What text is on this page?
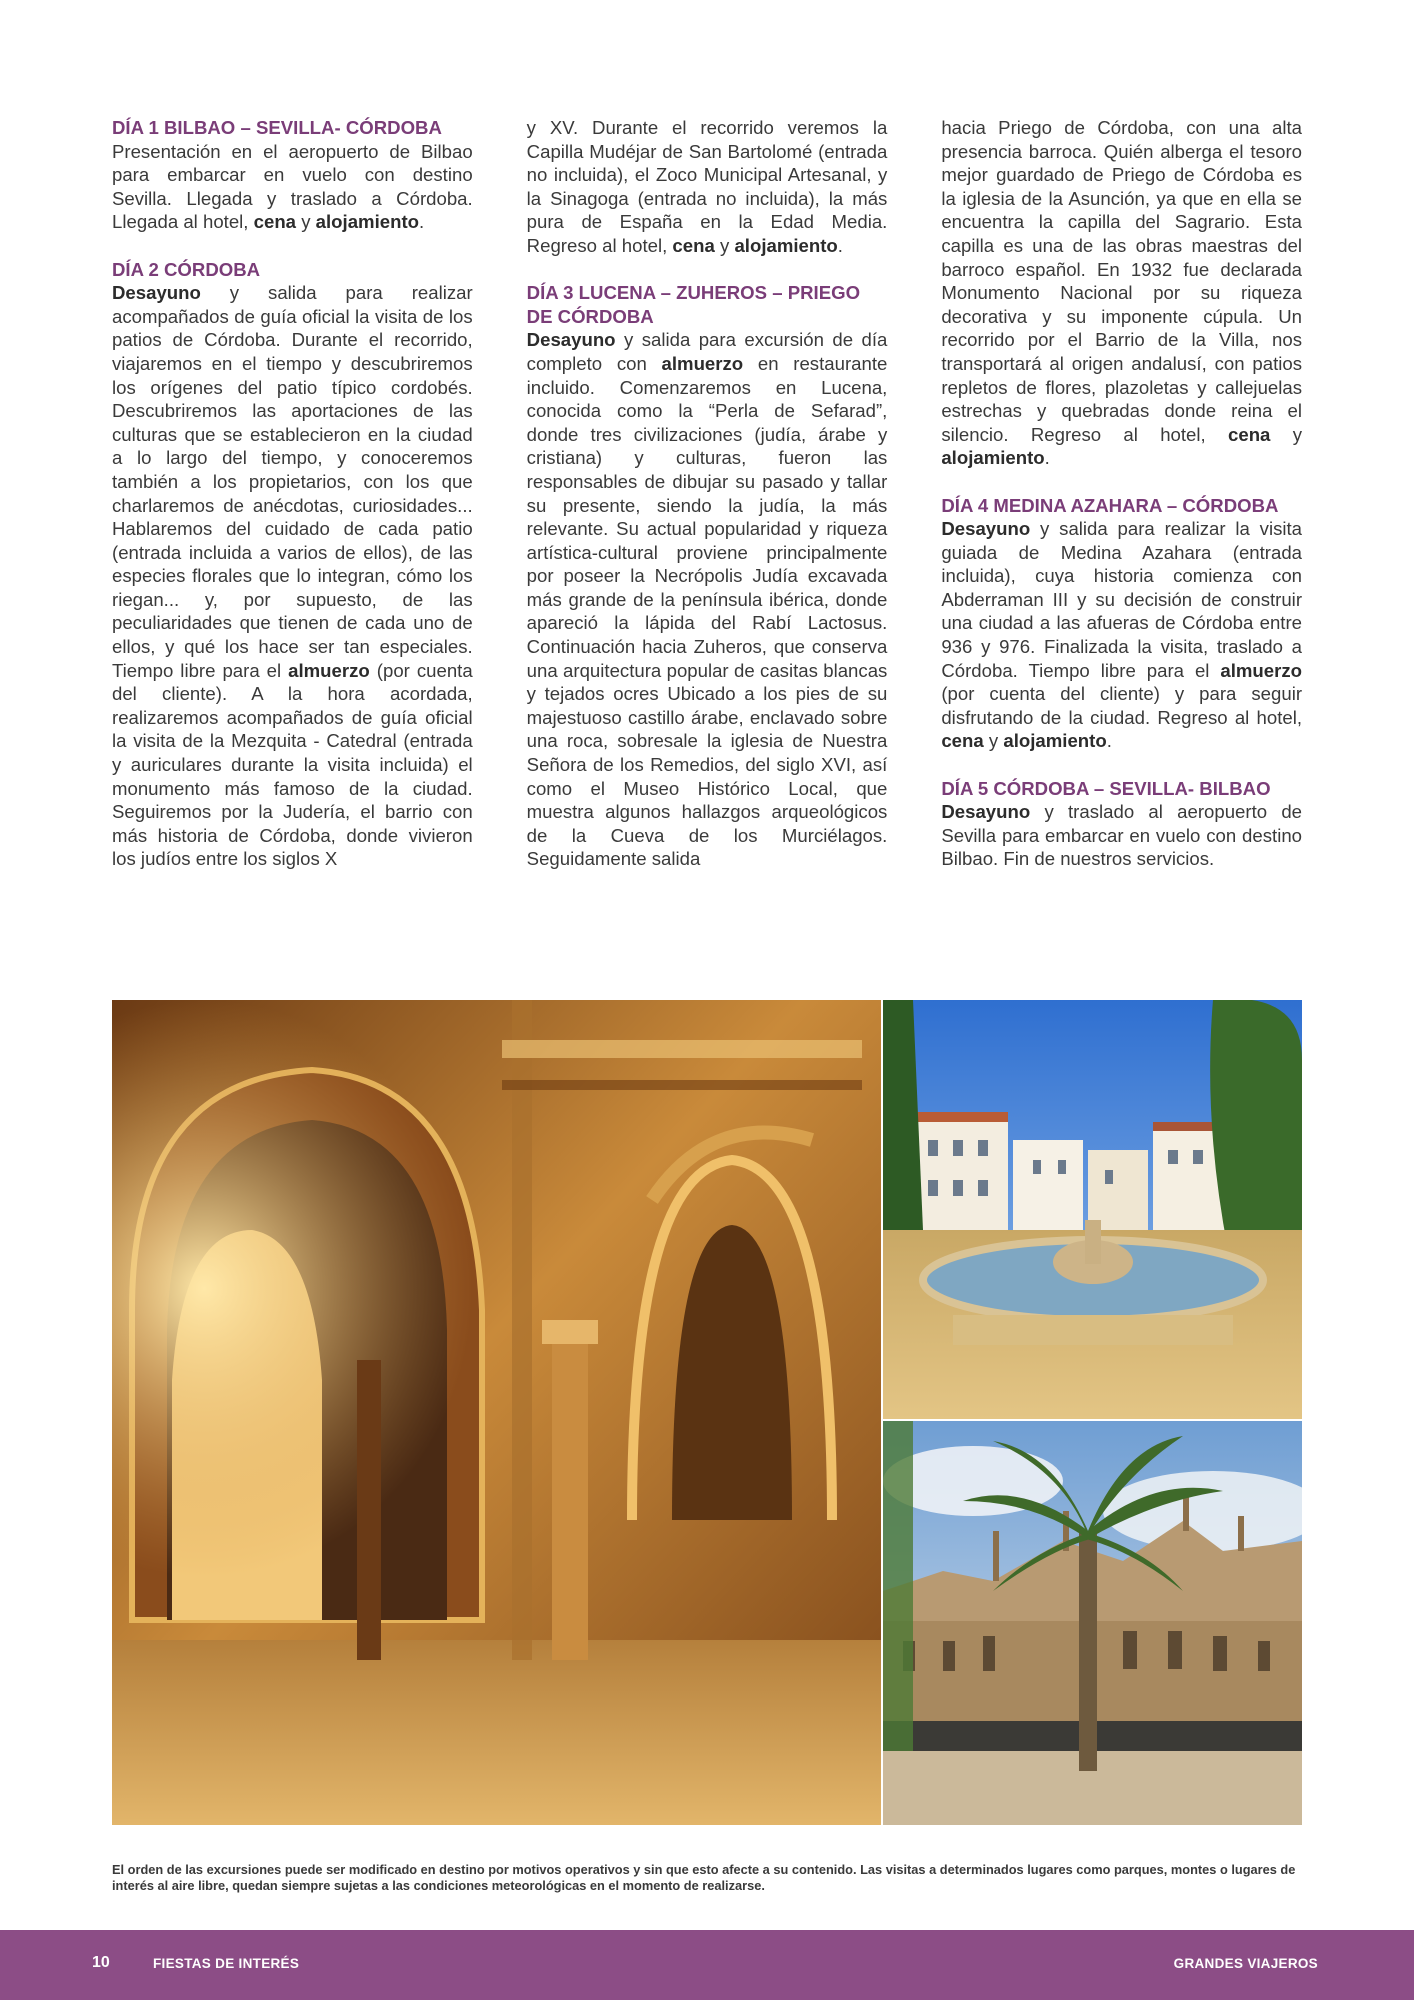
DÍA 1 BILBAO – SEVILLA- CÓRDOBA

Presentación en el aeropuerto de Bilbao para embarcar en vuelo con destino Sevilla. Llegada y traslado a Córdoba. Llegada al hotel, cena y alojamiento.

DÍA 2 CÓRDOBA

Desayuno y salida para realizar acompañados de guía oficial la visita de los patios de Córdoba. Durante el recorrido, viajaremos en el tiempo y descubriremos los orígenes del patio típico cordobés. Descubriremos las aportaciones de las culturas que se establecieron en la ciudad a lo largo del tiempo, y conoceremos también a los propietarios, con los que charlaremos de anécdotas, curiosidades... Hablaremos del cuidado de cada patio (entrada incluida a varios de ellos), de las especies florales que lo integran, cómo los riegan... y, por supuesto, de las peculiaridades que tienen de cada uno de ellos, y qué los hace ser tan especiales. Tiempo libre para el almuerzo (por cuenta del cliente). A la hora acordada, realizaremos acompañados de guía oficial la visita de la Mezquita - Catedral (entrada y auriculares durante la visita incluida) el monumento más famoso de la ciudad. Seguiremos por la Judería, el barrio con más historia de Córdoba, donde vivieron los judíos entre los siglos X

y XV. Durante el recorrido veremos la Capilla Mudéjar de San Bartolomé (entrada no incluida), el Zoco Municipal Artesanal, y la Sinagoga (entrada no incluida), la más pura de España en la Edad Media. Regreso al hotel, cena y alojamiento.

DÍA 3 LUCENA – ZUHEROS – PRIEGO DE CÓRDOBA

Desayuno y salida para excursión de día completo con almuerzo en restaurante incluido. Comenzaremos en Lucena, conocida como la “Perla de Sefarad”, donde tres civilizaciones (judía, árabe y cristiana) y culturas, fueron las responsables de dibujar su pasado y tallar su presente, siendo la judía, la más relevante. Su actual popularidad y riqueza artística-cultural proviene principalmente por poseer la Necrópolis Judía excavada más grande de la península ibérica, donde apareció la lápida del Rabí Lactosus. Continuación hacia Zuheros, que conserva una arquitectura popular de casitas blancas y tejados ocres Ubicado a los pies de su majestuoso castillo árabe, enclavado sobre una roca, sobresale la iglesia de Nuestra Señora de los Remedios, del siglo XVI, así como el Museo Histórico Local, que muestra algunos hallazgos arqueológicos de la Cueva de los Murciélagos. Seguidamente salida

hacia Priego de Córdoba, con una alta presencia barroca. Quién alberga el tesoro mejor guardado de Priego de Córdoba es la iglesia de la Asunción, ya que en ella se encuentra la capilla del Sagrario. Esta capilla es una de las obras maestras del barroco español. En 1932 fue declarada Monumento Nacional por su riqueza decorativa y su imponente cúpula. Un recorrido por el Barrio de la Villa, nos transportará al origen andalusí, con patios repletos de flores, plazoletas y callejuelas estrechas y quebradas donde reina el silencio. Regreso al hotel, cena y alojamiento.

DÍA 4 MEDINA AZAHARA – CÓRDOBA

Desayuno y salida para realizar la visita guiada de Medina Azahara (entrada incluida), cuya historia comienza con Abderraman III y su decisión de construir una ciudad a las afueras de Córdoba entre 936 y 976. Finalizada la visita, traslado a Córdoba. Tiempo libre para el almuerzo (por cuenta del cliente) y para seguir disfrutando de la ciudad. Regreso al hotel, cena y alojamiento.

DÍA 5 CÓRDOBA – SEVILLA- BILBAO

Desayuno y traslado al aeropuerto de Sevilla para embarcar en vuelo con destino Bilbao. Fin de nuestros servicios.

El orden de las excursiones puede ser modificado en destino por motivos operativos y sin que esto afecte a su contenido. Las visitas a determinados lugares como parques, montes o lugares de interés al aire libre, quedan siempre sujetas a las condiciones meteorológicas en el momento de realizarse.

10	FIESTAS DE INTERÉS	GRANDES VIAJEROS
